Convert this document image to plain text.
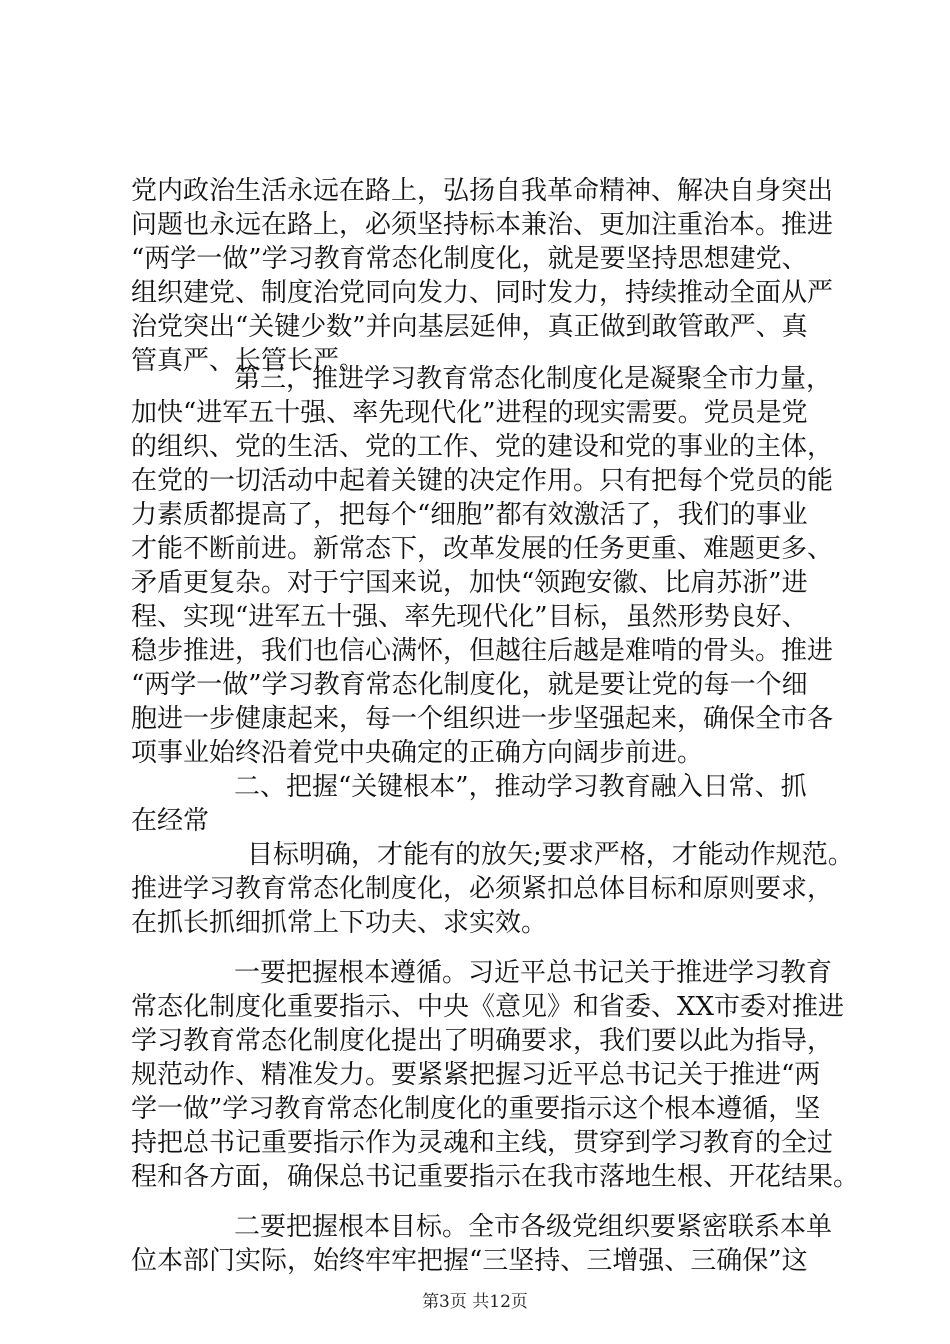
党内政治生活永远在路上，弘扬自我革命精神、解决自身突出
问题也永远在路上，必须坚持标本兼治、更加注重治本。推进
“两学一做”学习教育常态化制度化，就是要坚持思想建党、
组织建党、制度治党同向发力、同时发力，持续推动全面从严
治党突出“关键少数”并向基层延伸，真正做到敢管敢严、真
管真严、长管长严。
第三，推进学习教育常态化制度化是凝聚全市力量，
加快“进军五十强、率先现代化”进程的现实需要。党员是党
的组织、党的生活、党的工作、党的建设和党的事业的主体，
在党的一切活动中起着关键的决定作用。只有把每个党员的能
力素质都提高了，把每个“细胞”都有效激活了，我们的事业
才能不断前进。新常态下，改革发展的任务更重、难题更多、
矛盾更复杂。对于宁国来说，加快“领跑安徽、比肩苏浙”进
程、实现“进军五十强、率先现代化”目标，虽然形势良好、
稳步推进，我们也信心满怀，但越往后越是难啃的骨头。推进
“两学一做”学习教育常态化制度化，就是要让党的每一个细
胞进一步健康起来，每一个组织进一步坚强起来，确保全市各
项事业始终沿着党中央确定的正确方向阔步前进。
二、把握“关键根本”，推动学习教育融入日常、抓
在经常
目标明确，才能有的放矢;要求严格，才能动作规范。
推进学习教育常态化制度化，必须紧扣总体目标和原则要求，
在抓长抓细抓常上下功夫、求实效。
一要把握根本遵循。习近平总书记关于推进学习教育
常态化制度化重要指示、中央《意见》和省委、XX市委对推进
学习教育常态化制度化提出了明确要求，我们要以此为指导，
规范动作、精准发力。要紧紧把握习近平总书记关于推进“两
学一做”学习教育常态化制度化的重要指示这个根本遵循，坚
持把总书记重要指示作为灵魂和主线，贯穿到学习教育的全过
程和各方面，确保总书记重要指示在我市落地生根、开花结果。
二要把握根本目标。全市各级党组织要紧密联系本单
位本部门实际，始终牢牢把握“三坚持、三增强、三确保”这
第3页 共12页
